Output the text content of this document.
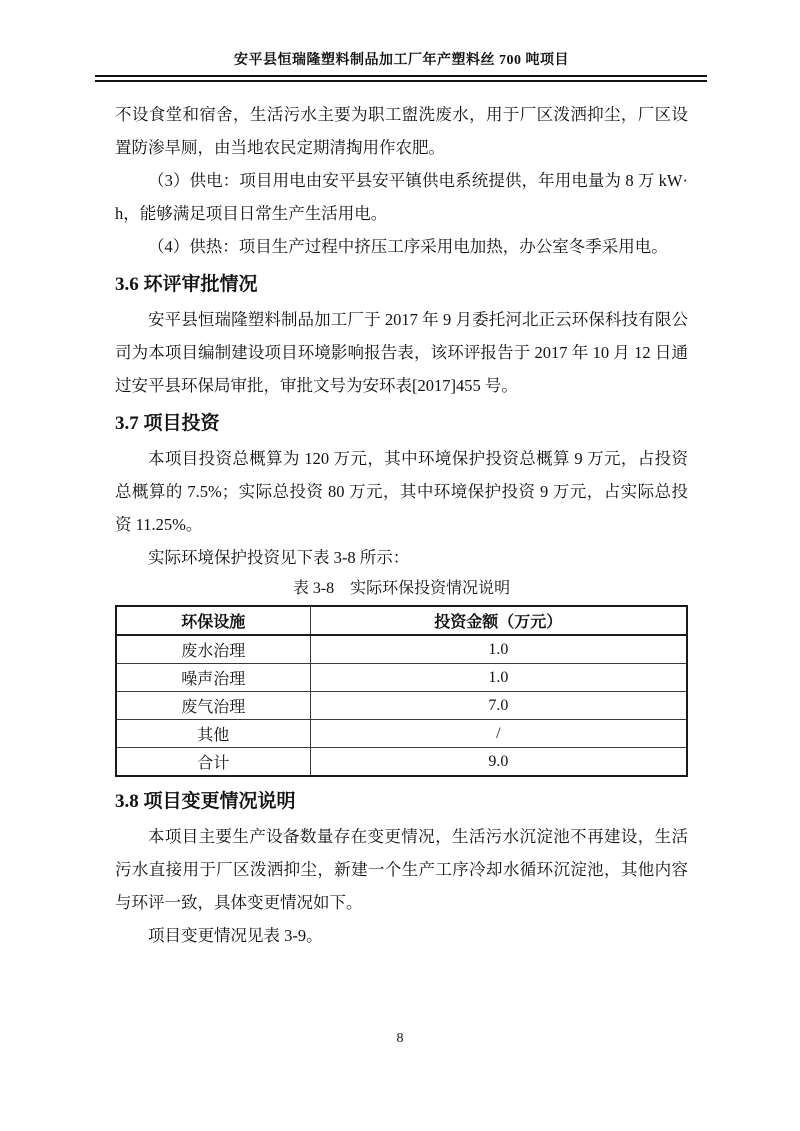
安平县恒瑞隆塑料制品加工厂年产塑料丝 700 吨项目

不设食堂和宿舍，生活污水主要为职工盥洗废水，用于厂区泼洒抑尘，厂区设置防渗旱厕，由当地农民定期清掏用作农肥。

（3）供电：项目用电由安平县安平镇供电系统提供，年用电量为 8 万 kW·h，能够满足项目日常生产生活用电。

（4）供热：项目生产过程中挤压工序采用电加热，办公室冬季采用电。

3.6 环评审批情况

安平县恒瑞隆塑料制品加工厂于 2017 年 9 月委托河北正云环保科技有限公司为本项目编制建设项目环境影响报告表，该环评报告于 2017 年 10 月 12 日通过安平县环保局审批，审批文号为安环表[2017]455 号。

3.7 项目投资

本项目投资总概算为 120 万元，其中环境保护投资总概算 9 万元，占投资总概算的 7.5%；实际总投资 80 万元，其中环境保护投资 9 万元，占实际总投资 11.25%。

实际环境保护投资见下表 3-8 所示：

表 3-8　实际环保投资情况说明
环保设施	投资金额（万元）
废水治理	1.0
噪声治理	1.0
废气治理	7.0
其他	/
合计	9.0
3.8 项目变更情况说明

本项目主要生产设备数量存在变更情况，生活污水沉淀池不再建设，生活污水直接用于厂区泼洒抑尘，新建一个生产工序冷却水循环沉淀池，其他内容与环评一致，具体变更情况如下。

项目变更情况见表 3-9。

8
